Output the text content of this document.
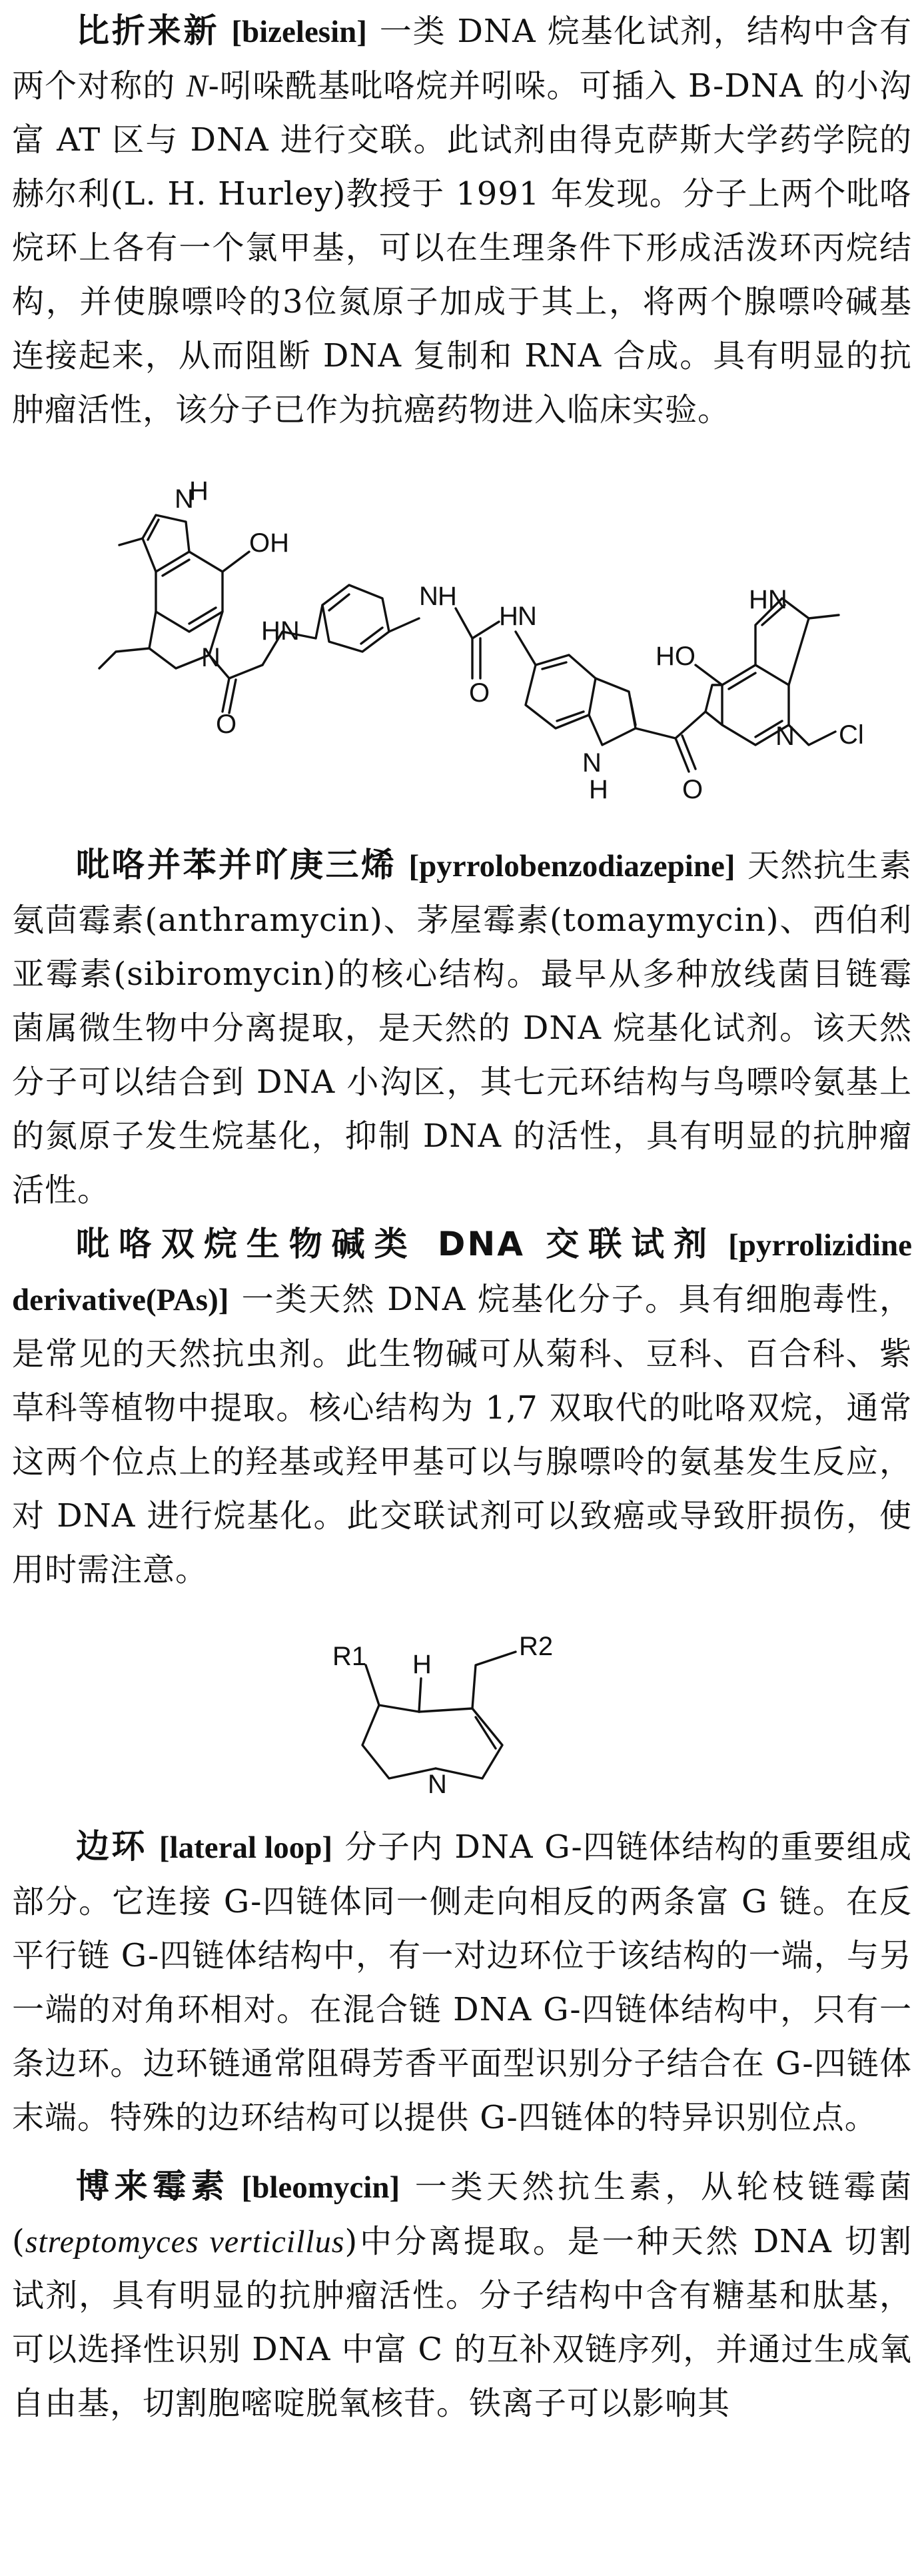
比折来新 [bizelesin] 一类 DNA 烷基化试剂，结构中含有两个对称的 N-吲哚酰基吡咯烷并吲哚。可插入 B-DNA 的小沟富 AT 区与 DNA 进行交联。此试剂由得克萨斯大学药学院的赫尔利(L. H. Hurley)教授于 1991 年发现。分子上两个吡咯烷环上各有一个氯甲基，可以在生理条件下形成活泼环丙烷结构，并使腺嘌呤的3位氮原子加成于其上，将两个腺嘌呤碱基连接起来，从而阻断 DNA 复制和 RNA 合成。具有明显的抗肿瘤活性，该分子已作为抗癌药物进入临床实验。

N
H
OH
N
O
HN
N H
O
H N
N
H	O
HO
HN
N Cl

吡咯并苯并吖庚三烯 [pyrrolobenzodiazepine] 天然抗生素氨茴霉素(anthramycin)、茅屋霉素(tomaymycin)、西伯利亚霉素(sibiromycin)的核心结构。最早从多种放线菌目链霉菌属微生物中分离提取，是天然的 DNA 烷基化试剂。该天然分子可以结合到 DNA 小沟区，其七元环结构与鸟嘌呤氨基上的氮原子发生烷基化，抑制 DNA 的活性，具有明显的抗肿瘤活性。

吡咯双烷生物碱类 DNA 交联试剂 [pyrrolizidine derivative(PAs)] 一类天然 DNA 烷基化分子。具有细胞毒性，是常见的天然抗虫剂。此生物碱可从菊科、豆科、百合科、紫草科等植物中提取。核心结构为 1,7 双取代的吡咯双烷，通常这两个位点上的羟基或羟甲基可以与腺嘌呤的氨基发生反应，对 DNA 进行烷基化。此交联试剂可以致癌或导致肝损伤，使用时需注意。

R1 H
R2
N

边环 [lateral loop] 分子内 DNA G-四链体结构的重要组成部分。它连接 G-四链体同一侧走向相反的两条富 G 链。在反平行链 G-四链体结构中，有一对边环位于该结构的一端，与另一端的对角环相对。在混合链 DNA G-四链体结构中，只有一条边环。边环链通常阻碍芳香平面型识别分子结合在 G-四链体末端。特殊的边环结构可以提供 G-四链体的特异识别位点。

博来霉素 [bleomycin] 一类天然抗生素，从轮枝链霉菌(streptomyces verticillus)中分离提取。是一种天然 DNA 切割试剂，具有明显的抗肿瘤活性。分子结构中含有糖基和肽基，可以选择性识别 DNA 中富 C 的互补双链序列，并通过生成氧自由基，切割胞嘧啶脱氧核苷。铁离子可以影响其
